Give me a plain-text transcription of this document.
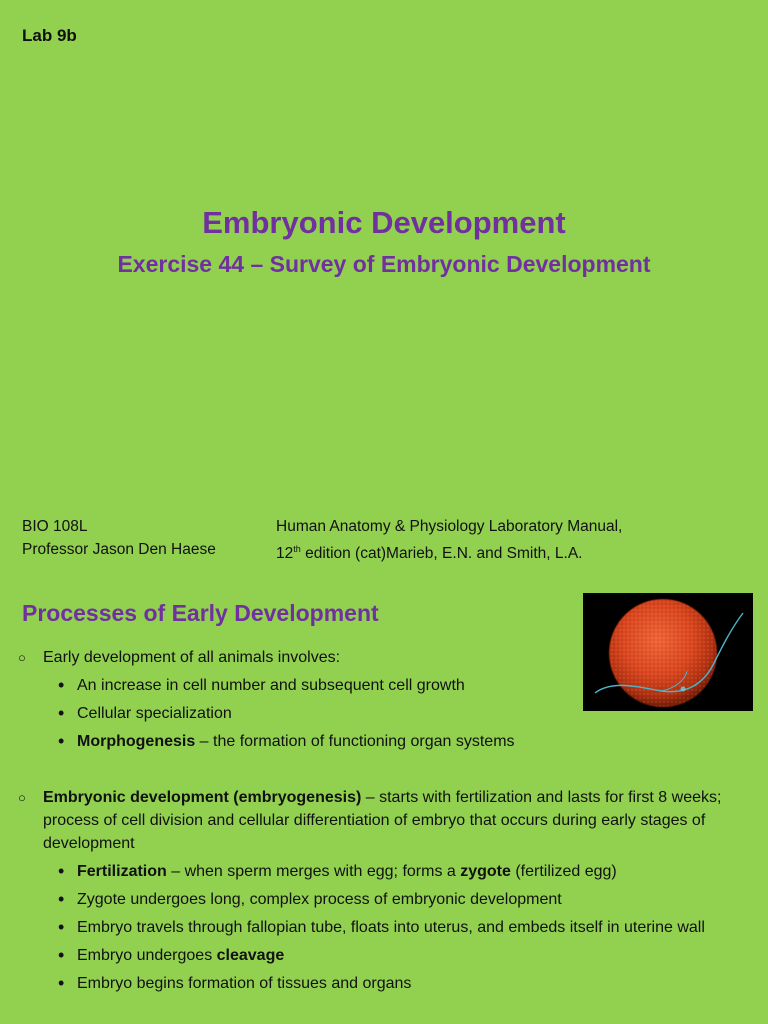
Lab 9b
Embryonic Development
Exercise 44 – Survey of Embryonic Development
BIO 108L
Professor Jason Den Haese
Human Anatomy & Physiology Laboratory Manual,
12th edition (cat)Marieb, E.N. and Smith, L.A.
Processes of Early Development
○ Early development of all animals involves:
• An increase in cell number and subsequent cell growth
• Cellular specialization
• Morphogenesis – the formation of functioning organ systems
○ Embryonic development (embryogenesis) – starts with fertilization and lasts for first 8 weeks; process of cell division and cellular differentiation of embryo that occurs during early stages of development
• Fertilization – when sperm merges with egg; forms a zygote (fertilized egg)
• Zygote undergoes long, complex process of embryonic development
• Embryo travels through fallopian tube, floats into uterus, and embeds itself in uterine wall
• Embryo undergoes cleavage
• Embryo begins formation of tissues and organs
